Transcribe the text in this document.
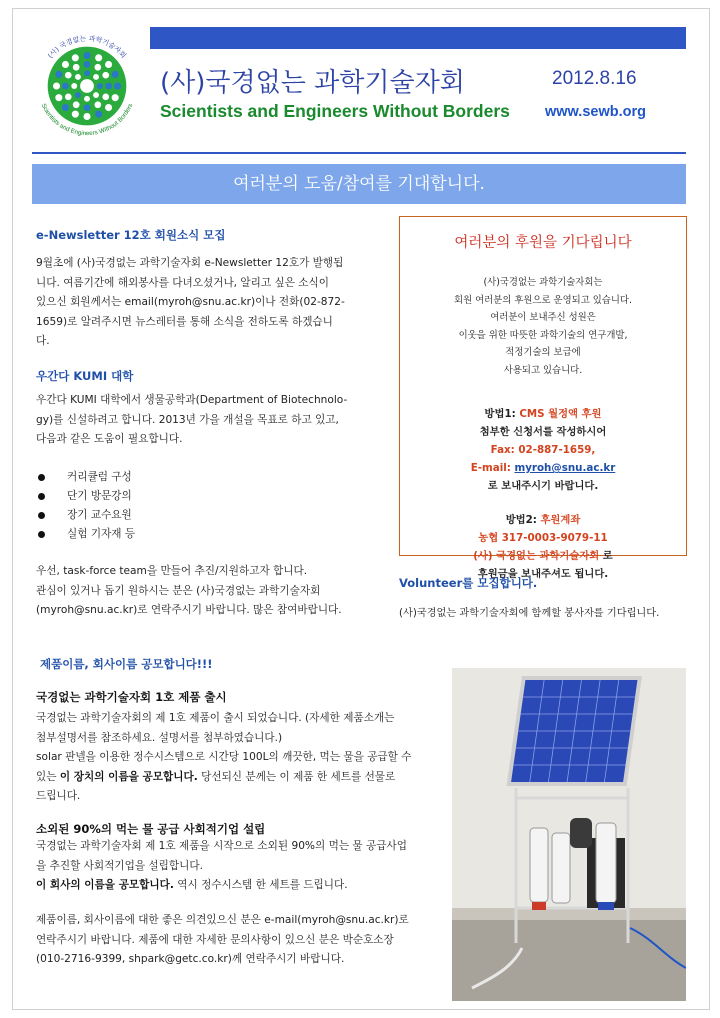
(사) 국경없는 과학기술자회
Scientists and Engineers Without Borders
(사)국경없는 과학기술자회
Scientists and Engineers Without Borders
2012.8.16
www.sewb.org
여러분의 도움/참여를 기대합니다.
e-Newsletter 12호 회원소식 모집
9월초에 (사)국경없는 과학기술자회 e-Newsletter 12호가 발행됩
니다. 여름기간에 해외봉사를 다녀오셨거나, 알리고 싶은 소식이
있으신 회원께서는 email(myroh@snu.ac.kr)이나 전화(02-872-
1659)로 알려주시면 뉴스레터를 통해 소식을 전하도록 하겠습니
다.
우간다 KUMI 대학
우간다 KUMI 대학에서 생물공학과(Department of Biotechnolo-
gy)를 신설하려고 합니다. 2013년 가을 개설을 목표로 하고 있고,
다음과 같은 도움이 필요합니다.
커리큘럼 구성
단기 방문강의
장기 교수요원
실험 기자재 등
우선, task-force team을 만들어 추진/지원하고자 합니다.
관심이 있거나 돕기 원하시는 분은 (사)국경없는 과학기술자회
(myroh@snu.ac.kr)로 연락주시기 바랍니다. 많은 참여바랍니다.
여러분의 후원을 기다립니다
(사)국경없는 과학기술자회는
회원 여러분의 후원으로 운영되고 있습니다.
여러분이 보내주신 성원은
이웃을 위한 따뜻한 과학기술의 연구개발,
적정기술의 보급에
사용되고 있습니다.
방법1: CMS 월정액 후원
첨부한 신청서를 작성하시어
Fax: 02-887-1659,
E-mail: myroh@snu.ac.kr
로 보내주시기 바랍니다.
방법2: 후원계좌
농협 317-0003-9079-11
(사) 국경없는 과학기술자회 로
후원금을 보내주셔도 됩니다.
Volunteer를 모집합니다.
(사)국경없는 과학기술자회에 함께할 봉사자를 기다립니다.
제품이름, 회사이름 공모합니다!!!
국경없는 과학기술자회 1호 제품 출시
국경없는 과학기술자회의 제 1호 제품이 출시 되었습니다. (자세한 제품소개는
첨부설명서를 참조하세요. 설명서를 첨부하였습니다.)
solar 판넬을 이용한 정수시스템으로 시간당 100L의 깨끗한, 먹는 물을 공급할 수
있는 이 장치의 이름을 공모합니다. 당선되신 분께는 이 제품 한 세트를 선물로
드립니다.
소외된 90%의 먹는 물 공급 사회적기업 설립
국경없는 과학기술자회 제 1호 제품을 시작으로 소외된 90%의 먹는 물 공급사업
을 추진할 사회적기업을 설립합니다.
이 회사의 이름을 공모합니다. 역시 정수시스템 한 세트를 드립니다.
제품이름, 회사이름에 대한 좋은 의견있으신 분은 e-mail(myroh@snu.ac.kr)로
연락주시기 바랍니다. 제품에 대한 자세한 문의사항이 있으신 분은 박순호소장
(010-2716-9399, shpark@getc.co.kr)께 연락주시기 바랍니다.
